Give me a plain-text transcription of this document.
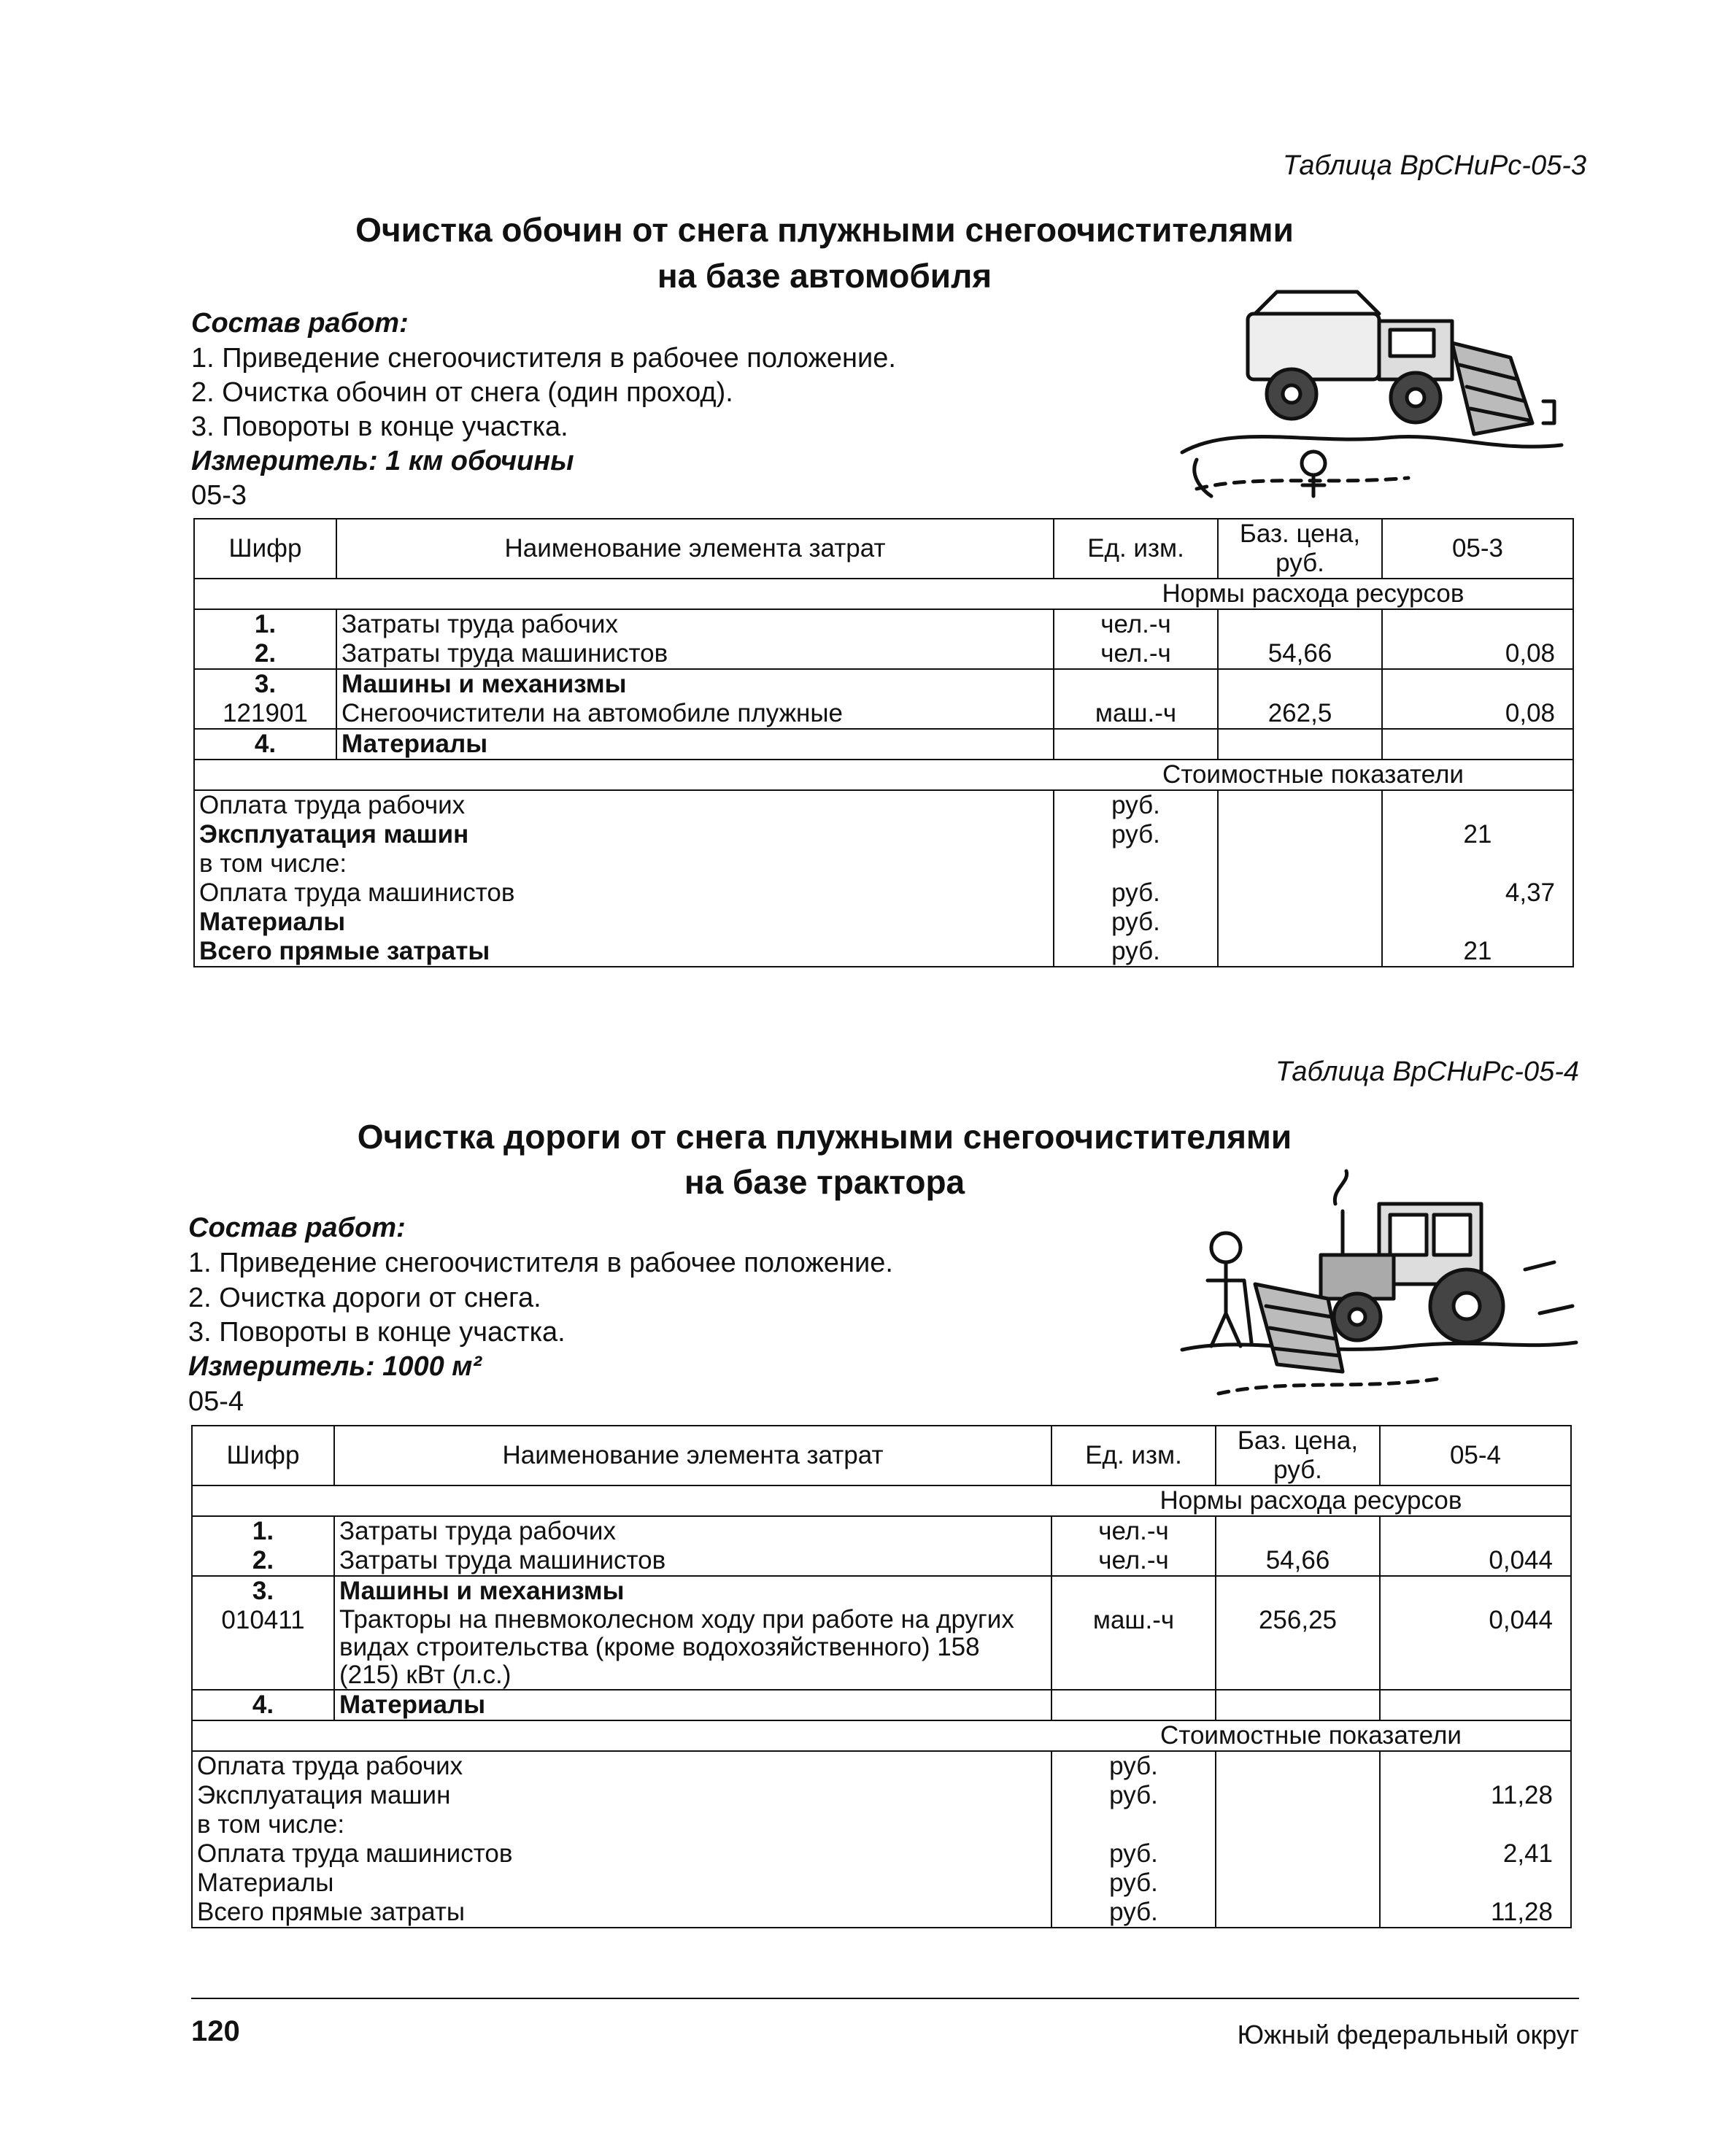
Таблица ВрСНиРс-05-3
Очистка обочин от снега плужными снегоочистителями
на базе автомобиля
Состав работ:
1. Приведение снегоочистителя в рабочее положение.
2. Очистка обочин от снега (один проход).
3. Повороты в конце участка.
Измеритель: 1 км обочины
05-3
Шифр	Наименование элемента затрат	Ед. изм.	Баз. цена, руб.	05-3
		Нормы расхода ресурсов		
1.	Затраты труда рабочих	чел.-ч		
2.	Затраты труда машинистов	чел.-ч	54,66	0,08
3.	Машины и механизмы			
121901	Снегоочистители на автомобиле плужные	маш.-ч	262,5	0,08
4.	Материалы			
		Стоимостные показатели		
Оплата труда рабочих		руб.		
Эксплуатация машин		руб.		21
в том числе:				
Оплата труда машинистов		руб.		4,37
Материалы		руб.		
Всего прямые затраты		руб.		21
Таблица ВрСНиРс-05-4
Очистка дороги от снега плужными снегоочистителями
на базе трактора
Состав работ:
1. Приведение снегоочистителя в рабочее положение.
2. Очистка дороги от снега.
3. Повороты в конце участка.
Измеритель: 1000 м²
05-4
Шифр	Наименование элемента затрат	Ед. изм.	Баз. цена, руб.	05-4
		Нормы расхода ресурсов		
1.	Затраты труда рабочих	чел.-ч		
2.	Затраты труда машинистов	чел.-ч	54,66	0,044
3.	Машины и механизмы			
010411	Тракторы на пневмоколесном ходу при работе на других видах строительства (кроме водохозяйственного) 158 (215) кВт (л.с.)	маш.-ч	256,25	0,044
4.	Материалы			
		Стоимостные показатели		
Оплата труда рабочих		руб.		
Эксплуатация машин		руб.		11,28
в том числе:				
Оплата труда машинистов		руб.		2,41
Материалы		руб.		
Всего прямые затраты		руб.		11,28
120	Южный федеральный округ
